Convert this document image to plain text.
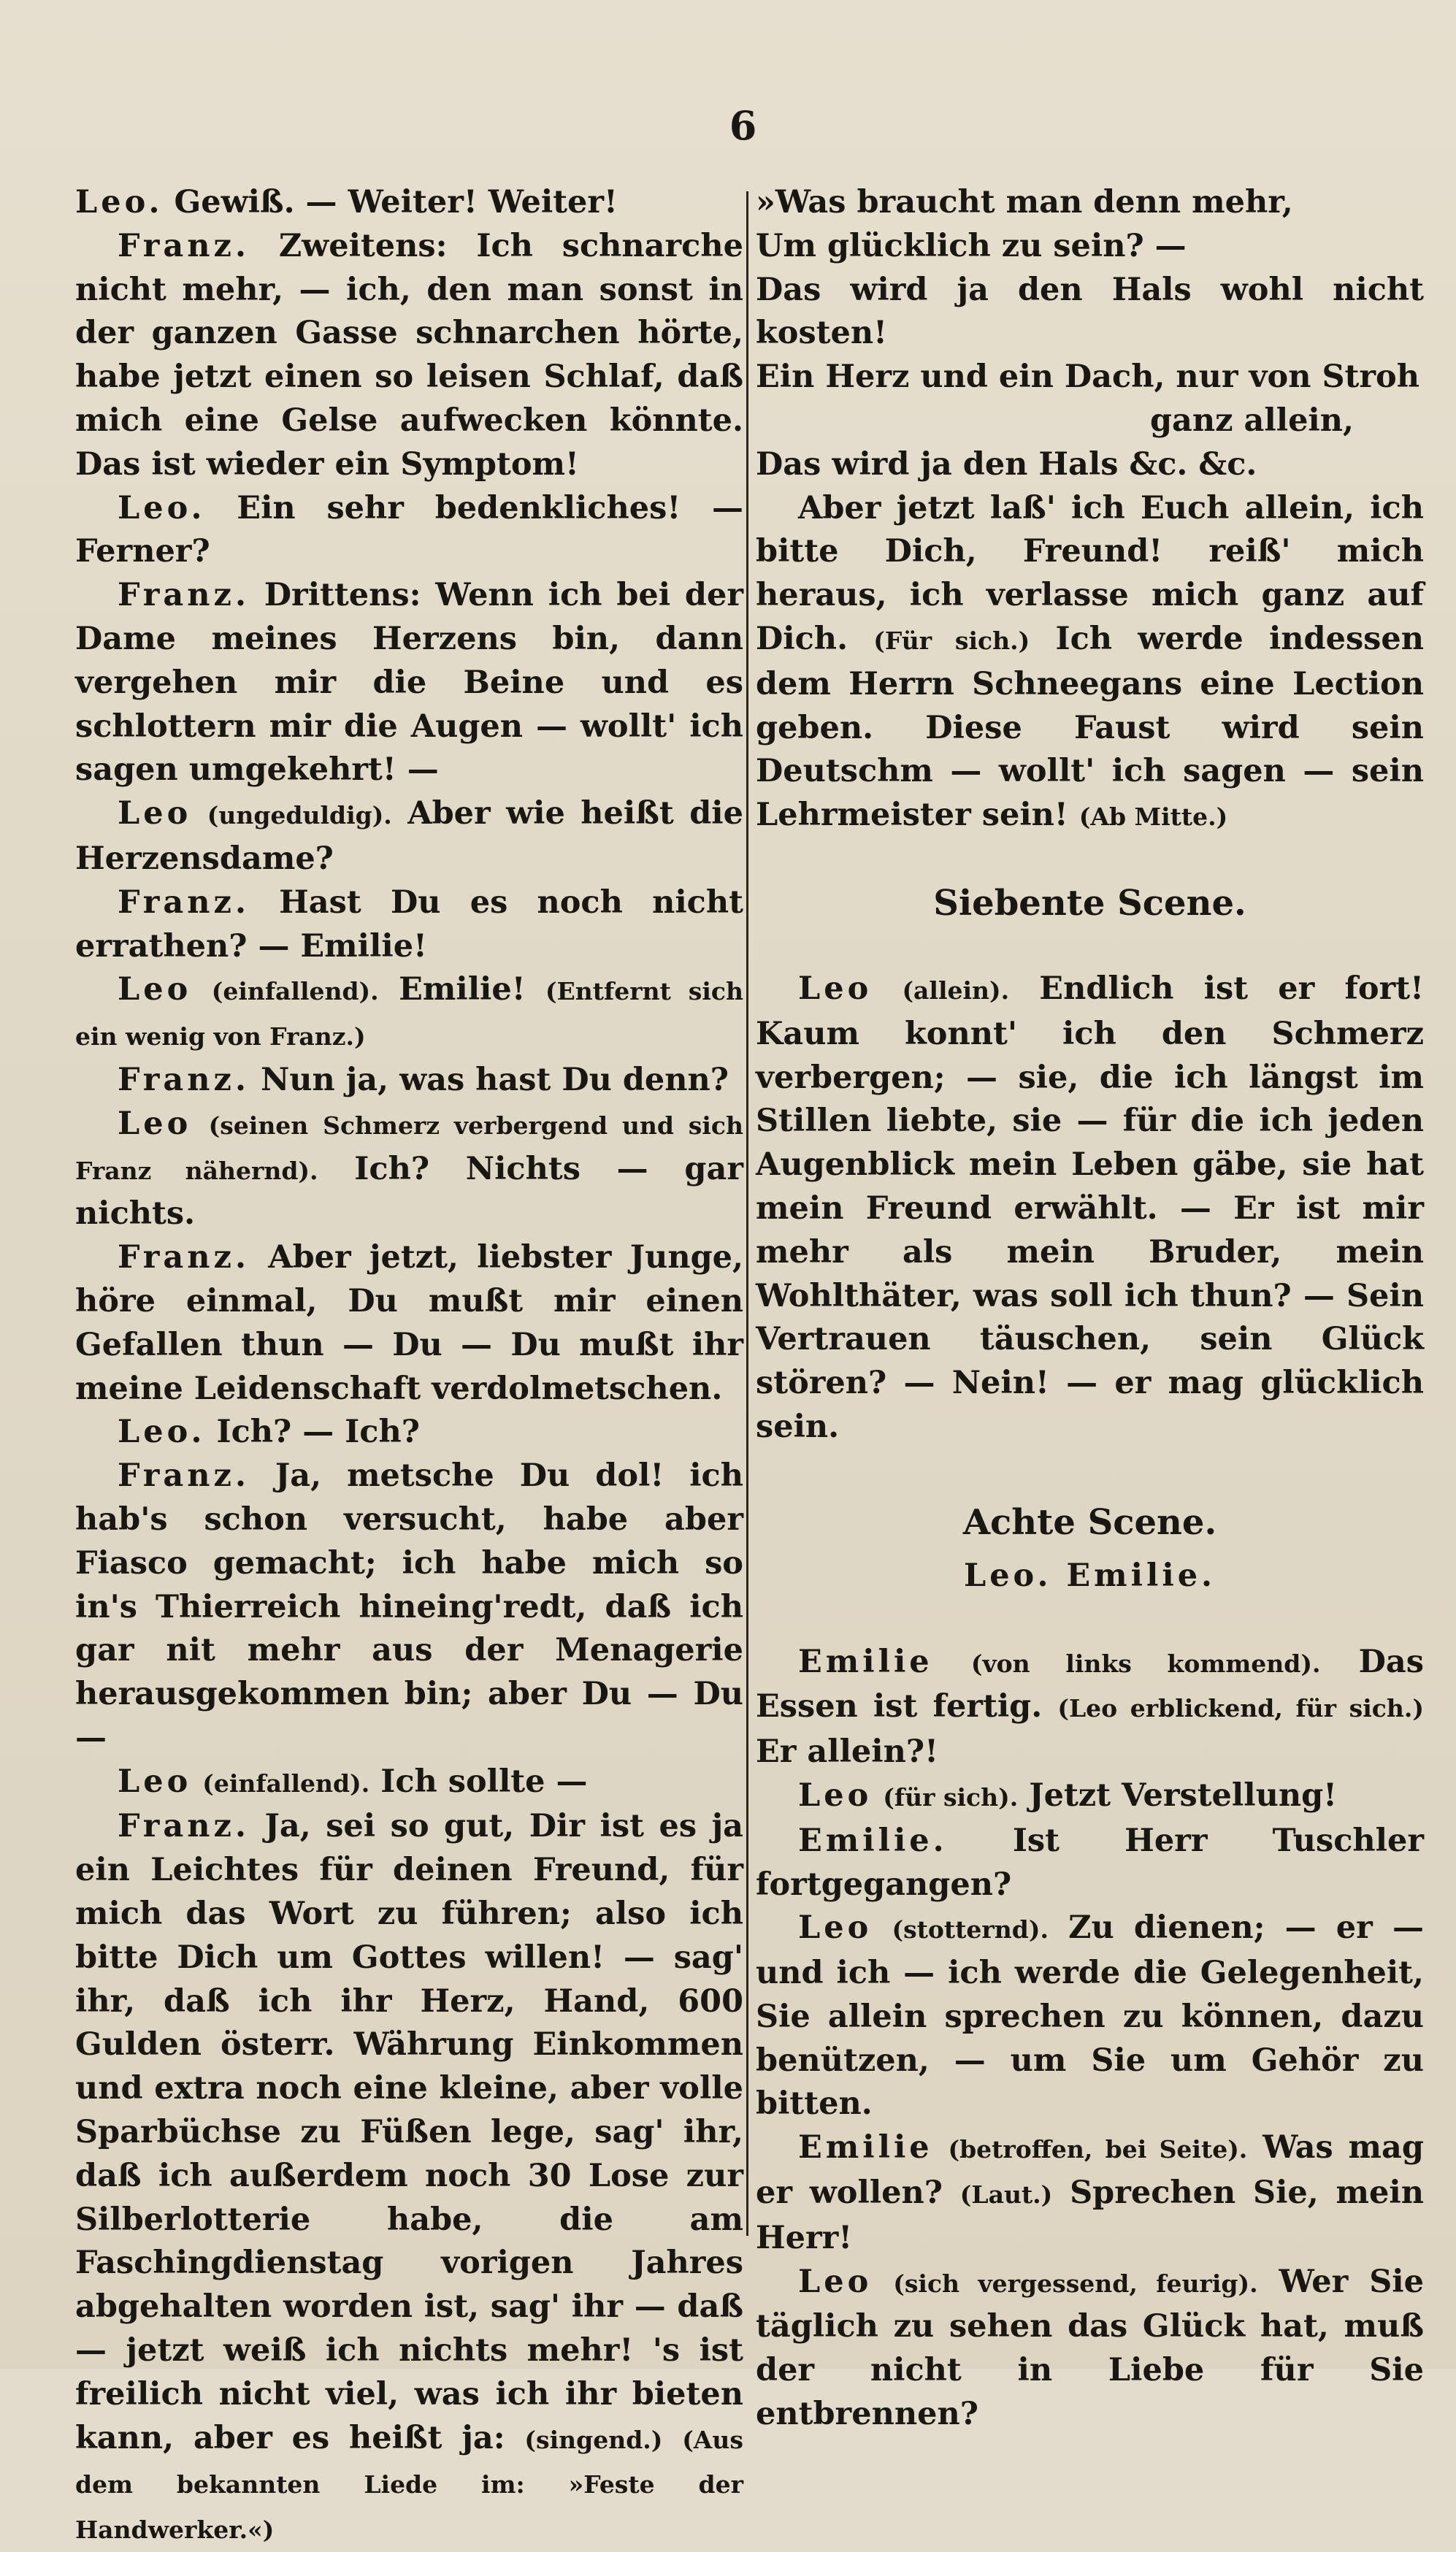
6

Leo. Gewiß. — Weiter! Weiter!

Franz. Zweitens: Ich schnarche nicht mehr, — ich, den man sonst in der ganzen Gasse schnarchen hörte, habe jetzt einen so leisen Schlaf, daß mich eine Gelse aufwecken könnte. Das ist wieder ein Symptom!

Leo. Ein sehr bedenkliches! — Ferner?

Franz. Drittens: Wenn ich bei der Dame meines Herzens bin, dann vergehen mir die Beine und es schlottern mir die Augen — wollt' ich sagen umgekehrt! —

Leo (ungeduldig). Aber wie heißt die Herzensdame?

Franz. Hast Du es noch nicht errathen? — Emilie!

Leo (einfallend). Emilie! (Entfernt sich ein wenig von Franz.)

Franz. Nun ja, was hast Du denn?

Leo (seinen Schmerz verbergend und sich Franz nähernd). Ich? Nichts — gar nichts.

Franz. Aber jetzt, liebster Junge, höre einmal, Du mußt mir einen Gefallen thun — Du — Du mußt ihr meine Leidenschaft verdolmetschen.

Leo. Ich? — Ich?

Franz. Ja, metsche Du dol! ich hab's schon versucht, habe aber Fiasco gemacht; ich habe mich so in's Thierreich hineing'redt, daß ich gar nit mehr aus der Menagerie herausgekommen bin; aber Du — Du —

Leo (einfallend). Ich sollte —

Franz. Ja, sei so gut, Dir ist es ja ein Leichtes für deinen Freund, für mich das Wort zu führen; also ich bitte Dich um Gottes willen! — sag' ihr, daß ich ihr Herz, Hand, 600 Gulden österr. Währung Einkommen und extra noch eine kleine, aber volle Sparbüchse zu Füßen lege, sag' ihr, daß ich außerdem noch 30 Lose zur Silberlotterie habe, die am Faschingdienstag vorigen Jahres abgehalten worden ist, sag' ihr — daß — jetzt weiß ich nichts mehr! 's ist freilich nicht viel, was ich ihr bieten kann, aber es heißt ja: (singend.) (Aus dem bekannten Liede im: »Feste der Handwerker.«)

»Was braucht man denn mehr,

Um glücklich zu sein? —

Das wird ja den Hals wohl nicht kosten!

Ein Herz und ein Dach, nur von Stroh

ganz allein,

Das wird ja den Hals &c. &c.

Aber jetzt laß' ich Euch allein, ich bitte Dich, Freund! reiß' mich heraus, ich verlasse mich ganz auf Dich. (Für sich.) Ich werde indessen dem Herrn Schneegans eine Lection geben. Diese Faust wird sein Deutschm — wollt' ich sagen — sein Lehrmeister sein! (Ab Mitte.)

Siebente Scene.

Leo (allein). Endlich ist er fort! Kaum konnt' ich den Schmerz verbergen; — sie, die ich längst im Stillen liebte, sie — für die ich jeden Augenblick mein Leben gäbe, sie hat mein Freund erwählt. — Er ist mir mehr als mein Bruder, mein Wohlthäter, was soll ich thun? — Sein Vertrauen täuschen, sein Glück stören? — Nein! — er mag glücklich sein.

Achte Scene.
Leo. Emilie.

Emilie (von links kommend). Das Essen ist fertig. (Leo erblickend, für sich.) Er allein?!

Leo (für sich). Jetzt Verstellung!

Emilie. Ist Herr Tuschler fortgegangen?

Leo (stotternd). Zu dienen; — er — und ich — ich werde die Gelegenheit, Sie allein sprechen zu können, dazu benützen, — um Sie um Gehör zu bitten.

Emilie (betroffen, bei Seite). Was mag er wollen? (Laut.) Sprechen Sie, mein Herr!

Leo (sich vergessend, feurig). Wer Sie täglich zu sehen das Glück hat, muß der nicht in Liebe für Sie entbrennen?
